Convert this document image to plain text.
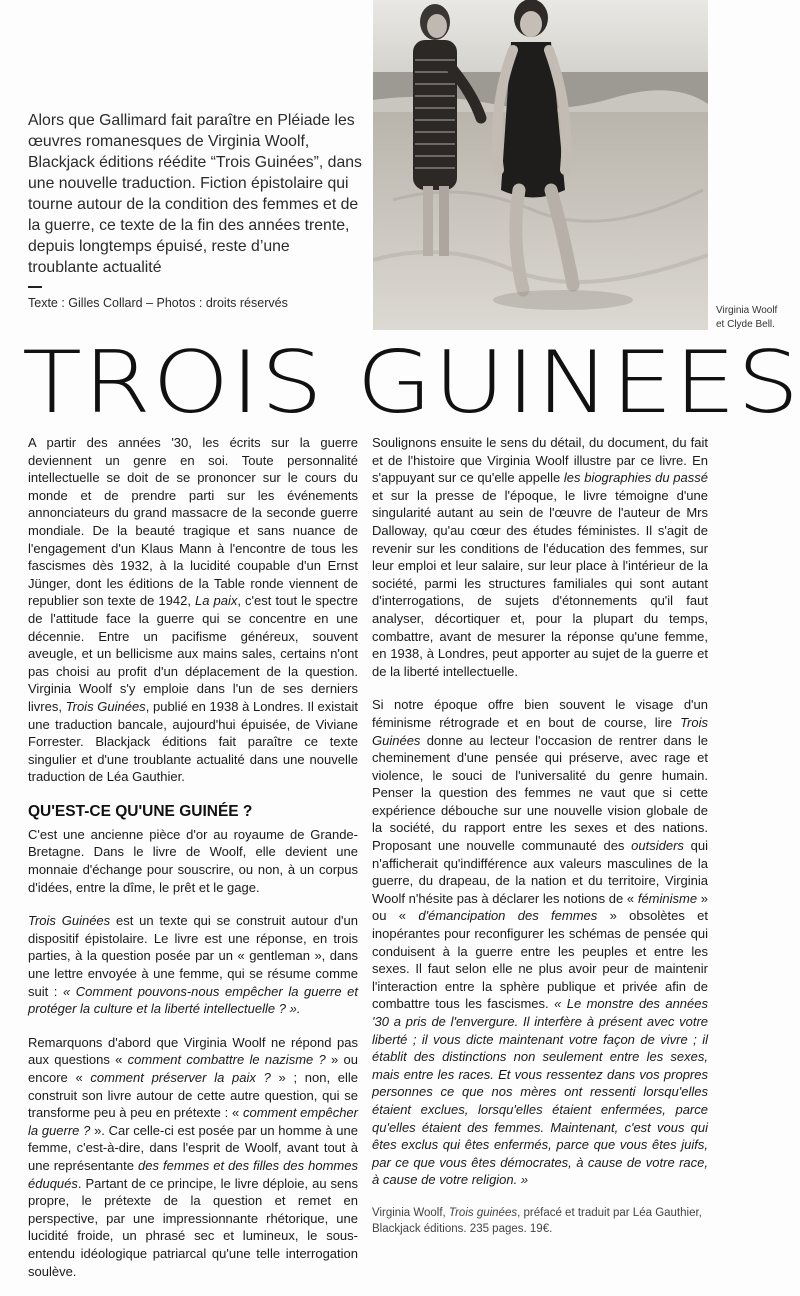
Alors que Gallimard fait paraître en Pléiade les œuvres romanesques de Virginia Woolf, Blackjack éditions réédite “Trois Guinées”, dans une nouvelle traduction. Fiction épistolaire qui tourne autour de la condition des femmes et de la guerre, ce texte de la fin des années trente, depuis longtemps épuisé, reste d’une troublante actualité

Texte : Gilles Collard – Photos : droits réservés
Virginia Woolf
et Clyde Bell.
TROIS GUINEES

A partir des années '30, les écrits sur la guerre deviennent un genre en soi. Toute personnalité intellectuelle se doit de se prononcer sur le cours du monde et de prendre parti sur les événements annonciateurs du grand massacre de la seconde guerre mondiale. De la beauté tragique et sans nuance de l'engagement d'un Klaus Mann à l'encontre de tous les fascismes dès 1932, à la lucidité coupable d'un Ernst Jünger, dont les éditions de la Table ronde viennent de republier son texte de 1942, La paix, c'est tout le spectre de l'attitude face la guerre qui se concentre en une décennie. Entre un pacifisme généreux, souvent aveugle, et un bellicisme aux mains sales, certains n'ont pas choisi au profit d'un déplacement de la question. Virginia Woolf s'y emploie dans l'un de ses derniers livres, Trois Guinées, publié en 1938 à Londres. Il existait une traduction bancale, aujourd'hui épuisée, de Viviane Forrester. Blackjack éditions fait paraître ce texte singulier et d'une troublante actualité dans une nouvelle traduction de Léa Gauthier.

QU'EST-CE QU'UNE GUINÉE ?

C'est une ancienne pièce d'or au royaume de Grande-Bretagne. Dans le livre de Woolf, elle devient une monnaie d'échange pour souscrire, ou non, à un corpus d'idées, entre la dîme, le prêt et le gage.

Trois Guinées est un texte qui se construit autour d'un dispositif épistolaire. Le livre est une réponse, en trois parties, à la question posée par un « gentleman », dans une lettre envoyée à une femme, qui se résume comme suit : « Comment pouvons-nous empêcher la guerre et protéger la culture et la liberté intellectuelle ? ».

Remarquons d'abord que Virginia Woolf ne répond pas aux questions « comment combattre le nazisme ? » ou encore « comment préserver la paix ? » ; non, elle construit son livre autour de cette autre question, qui se transforme peu à peu en prétexte : « comment empêcher la guerre ? ». Car celle-ci est posée par un homme à une femme, c'est-à-dire, dans l'esprit de Woolf, avant tout à une représentante des femmes et des filles des hommes éduqués. Partant de ce principe, le livre déploie, au sens propre, le prétexte de la question et remet en perspective, par une impressionnante rhétorique, une lucidité froide, un phrasé sec et lumineux, le sous-entendu idéologique patriarcal qu'une telle interrogation soulève.

Soulignons ensuite le sens du détail, du document, du fait et de l'histoire que Virginia Woolf illustre par ce livre. En s'appuyant sur ce qu'elle appelle les biographies du passé et sur la presse de l'époque, le livre témoigne d'une singularité autant au sein de l'œuvre de l'auteur de Mrs Dalloway, qu'au cœur des études féministes. Il s'agit de revenir sur les conditions de l'éducation des femmes, sur leur emploi et leur salaire, sur leur place à l'intérieur de la société, parmi les structures familiales qui sont autant d'interrogations, de sujets d'étonnements qu'il faut analyser, décortiquer et, pour la plupart du temps, combattre, avant de mesurer la réponse qu'une femme, en 1938, à Londres, peut apporter au sujet de la guerre et de la liberté intellectuelle.

Si notre époque offre bien souvent le visage d'un féminisme rétrograde et en bout de course, lire Trois Guinées donne au lecteur l'occasion de rentrer dans le cheminement d'une pensée qui préserve, avec rage et violence, le souci de l'universalité du genre humain. Penser la question des femmes ne vaut que si cette expérience débouche sur une nouvelle vision globale de la société, du rapport entre les sexes et des nations. Proposant une nouvelle communauté des outsiders qui n'afficherait qu'indifférence aux valeurs masculines de la guerre, du drapeau, de la nation et du territoire, Virginia Woolf n'hésite pas à déclarer les notions de « féminisme » ou « d'émancipation des femmes » obsolètes et inopérantes pour reconfigurer les schémas de pensée qui conduisent à la guerre entre les peuples et entre les sexes. Il faut selon elle ne plus avoir peur de maintenir l'interaction entre la sphère publique et privée afin de combattre tous les fascismes. « Le monstre des années '30 a pris de l'envergure. Il interfère à présent avec votre liberté ; il vous dicte maintenant votre façon de vivre ; il établit des distinctions non seulement entre les sexes, mais entre les races. Et vous ressentez dans vos propres personnes ce que nos mères ont ressenti lorsqu'elles étaient exclues, lorsqu'elles étaient enfermées, parce qu'elles étaient des femmes. Maintenant, c'est vous qui êtes exclus qui êtes enfermés, parce que vous êtes juifs, par ce que vous êtes démocrates, à cause de votre race, à cause de votre religion. »

Virginia Woolf, Trois guinées, préfacé et traduit par Léa Gauthier, Blackjack éditions. 235 pages. 19€.
